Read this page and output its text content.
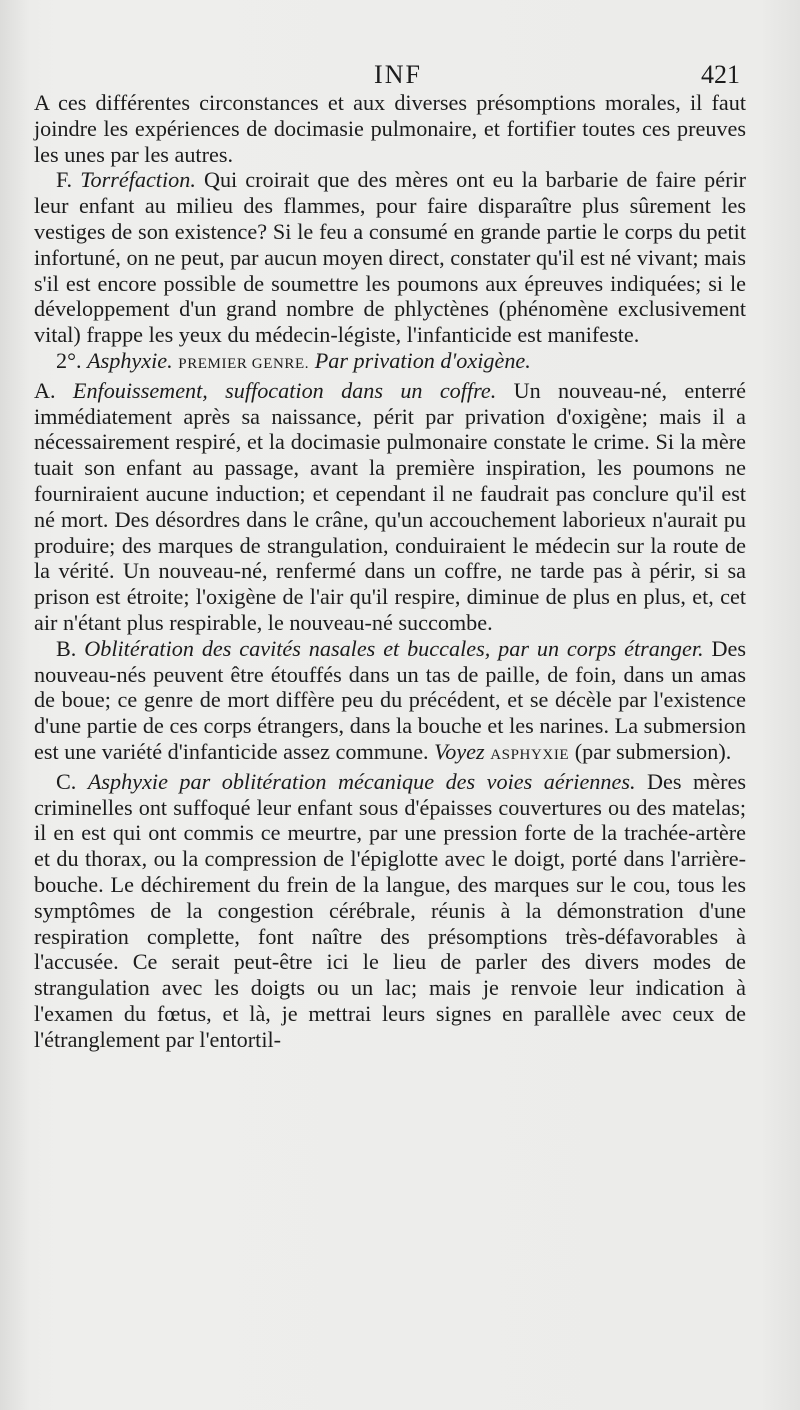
INF	421

A ces différentes circonstances et aux diverses présomptions morales, il faut joindre les expériences de docimasie pulmonaire, et fortifier toutes ces preuves les unes par les autres.

F. Torréfaction. Qui croirait que des mères ont eu la barbarie de faire périr leur enfant au milieu des flammes, pour faire disparaître plus sûrement les vestiges de son existence? Si le feu a consumé en grande partie le corps du petit infortuné, on ne peut, par aucun moyen direct, constater qu'il est né vivant; mais s'il est encore possible de soumettre les poumons aux épreuves indiquées; si le développement d'un grand nombre de phlyctènes (phénomène exclusivement vital) frappe les yeux du médecin-légiste, l'infanticide est manifeste.

2°. Asphyxie. PREMIER GENRE. Par privation d'oxigène.

A. Enfouissement, suffocation dans un coffre. Un nouveau-né, enterré immédiatement après sa naissance, périt par privation d'oxigène; mais il a nécessairement respiré, et la docimasie pulmonaire constate le crime. Si la mère tuait son enfant au passage, avant la première inspiration, les poumons ne fourniraient aucune induction; et cependant il ne faudrait pas conclure qu'il est né mort. Des désordres dans le crâne, qu'un accouchement laborieux n'aurait pu produire; des marques de strangulation, conduiraient le médecin sur la route de la vérité. Un nouveau-né, renfermé dans un coffre, ne tarde pas à périr, si sa prison est étroite; l'oxigène de l'air qu'il respire, diminue de plus en plus, et, cet air n'étant plus respirable, le nouveau-né succombe.

B. Oblitération des cavités nasales et buccales, par un corps étranger. Des nouveau-nés peuvent être étouffés dans un tas de paille, de foin, dans un amas de boue; ce genre de mort diffère peu du précédent, et se décèle par l'existence d'une partie de ces corps étrangers, dans la bouche et les narines. La submersion est une variété d'infanticide assez commune. Voyez ASPHYXIE (par submersion).

C. Asphyxie par oblitération mécanique des voies aériennes. Des mères criminelles ont suffoqué leur enfant sous d'épaisses couvertures ou des matelas; il en est qui ont commis ce meurtre, par une pression forte de la trachée-artère et du thorax, ou la compression de l'épiglotte avec le doigt, porté dans l'arrière-bouche. Le déchirement du frein de la langue, des marques sur le cou, tous les symptômes de la congestion cérébrale, réunis à la démonstration d'une respiration complette, font naître des présomptions très-défavorables à l'accusée. Ce serait peut-être ici le lieu de parler des divers modes de strangulation avec les doigts ou un lac; mais je renvoie leur indication à l'examen du fœtus, et là, je mettrai leurs signes en parallèle avec ceux de l'étranglement par l'entortil-
